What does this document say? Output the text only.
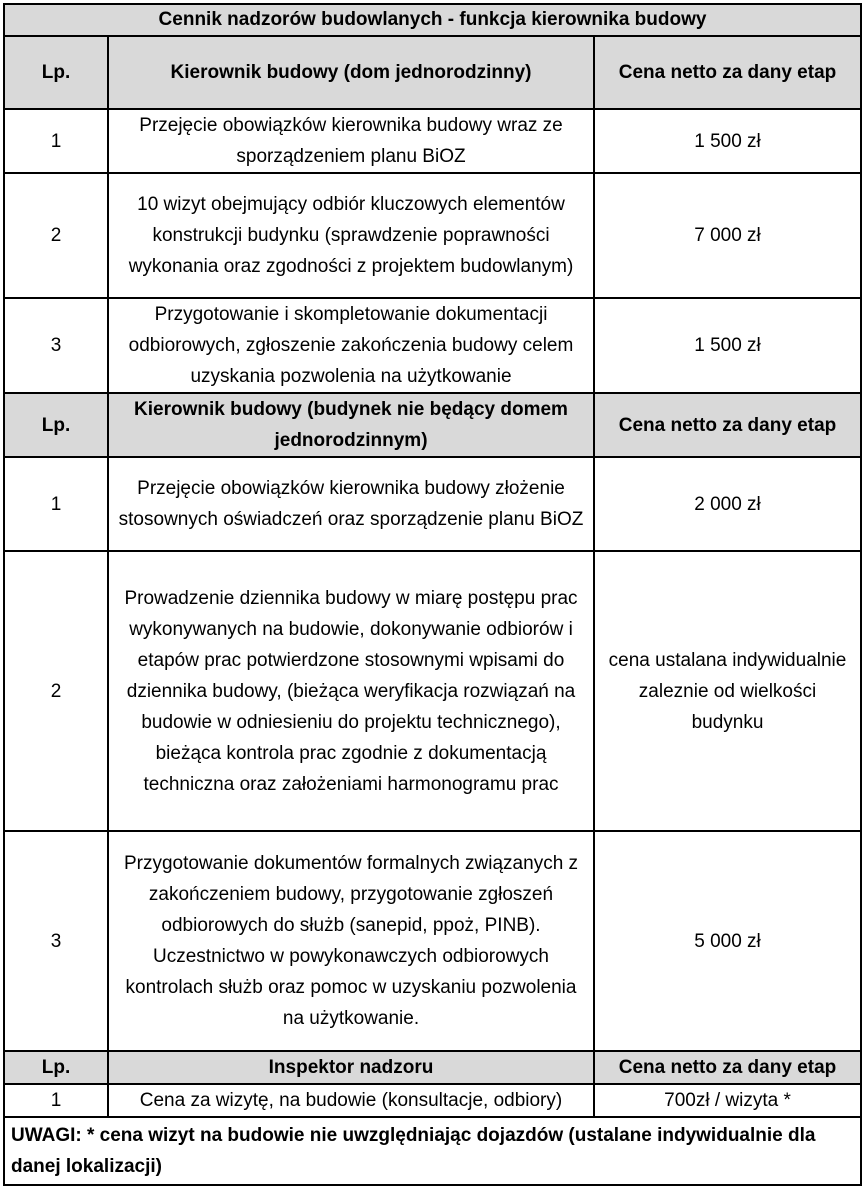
Cennik nadzorów budowlanych - funkcja kierownika budowy		
Lp.	Kierownik budowy (dom jednorodzinny)	Cena netto za dany etap
1	Przejęcie obowiązków kierownika budowy wraz ze sporządzeniem planu BiOZ	1 500 zł
2	10 wizyt obejmujący odbiór kluczowych elementów konstrukcji budynku (sprawdzenie poprawności wykonania oraz zgodności z projektem budowlanym)	7 000 zł
3	Przygotowanie i skompletowanie dokumentacji odbiorowych, zgłoszenie zakończenia budowy celem uzyskania pozwolenia na użytkowanie	1 500 zł
Lp.	Kierownik budowy (budynek nie będący domem jednorodzinnym)	Cena netto za dany etap
1	Przejęcie obowiązków kierownika budowy złożenie stosownych oświadczeń oraz sporządzenie planu BiOZ	2 000 zł
2	Prowadzenie dziennika budowy w miarę postępu prac wykonywanych na budowie, dokonywanie odbiorów i etapów prac potwierdzone stosownymi wpisami do dziennika budowy, (bieżąca weryfikacja rozwiązań na budowie w odniesieniu do projektu technicznego), bieżąca kontrola prac zgodnie z dokumentacją techniczna oraz założeniami harmonogramu prac	cena ustalana indywidualnie zaleznie od wielkości budynku
3	Przygotowanie dokumentów formalnych związanych z zakończeniem budowy, przygotowanie zgłoszeń odbiorowych do służb (sanepid, ppoż, PINB). Uczestnictwo w powykonawczych odbiorowych kontrolach służb oraz pomoc w uzyskaniu pozwolenia na użytkowanie.	5 000 zł
Lp.	Inspektor nadzoru	Cena netto za dany etap
1	Cena za wizytę, na budowie (konsultacje, odbiory)	700zł / wizyta *
UWAGI: * cena wizyt na budowie nie uwzględniając dojazdów (ustalane indywidualnie dla danej lokalizacji)		
